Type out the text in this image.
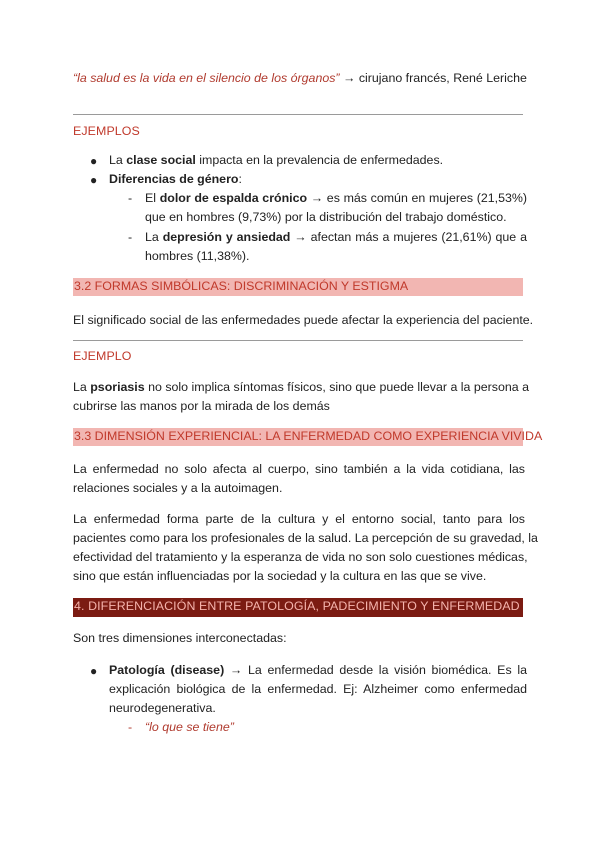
“la salud es la vida en el silencio de los órganos” → cirujano francés, René Leriche
EJEMPLOS
● La clase social impacta en la prevalencia de enfermedades.
● Diferencias de género:
- El dolor de espalda crónico → es más común en mujeres (21,53%)
que en hombres (9,73%) por la distribución del trabajo doméstico.
- La depresión y ansiedad → afectan más a mujeres (21,61%) que a
hombres (11,38%).
3.2 FORMAS SIMBÓLICAS: DISCRIMINACIÓN Y ESTIGMA
El significado social de las enfermedades puede afectar la experiencia del paciente.
EJEMPLO
La psoriasis no solo implica síntomas físicos, sino que puede llevar a la persona a
cubrirse las manos por la mirada de los demás
3.3 DIMENSIÓN EXPERIENCIAL: LA ENFERMEDAD COMO EXPERIENCIA VIVIDA
La enfermedad no solo afecta al cuerpo, sino también a la vida cotidiana, las
relaciones sociales y a la autoimagen.
La enfermedad forma parte de la cultura y el entorno social, tanto para los
pacientes como para los profesionales de la salud. La percepción de su gravedad, la
efectividad del tratamiento y la esperanza de vida no son solo cuestiones médicas,
sino que están influenciadas por la sociedad y la cultura en las que se vive.
4. DIFERENCIACIÓN ENTRE PATOLOGÍA, PADECIMIENTO Y ENFERMEDAD
Son tres dimensiones interconectadas:
● Patología (disease) → La enfermedad desde la visión biomédica. Es la
explicación biológica de la enfermedad. Ej: Alzheimer como enfermedad
neurodegenerativa.
- “lo que se tiene”
